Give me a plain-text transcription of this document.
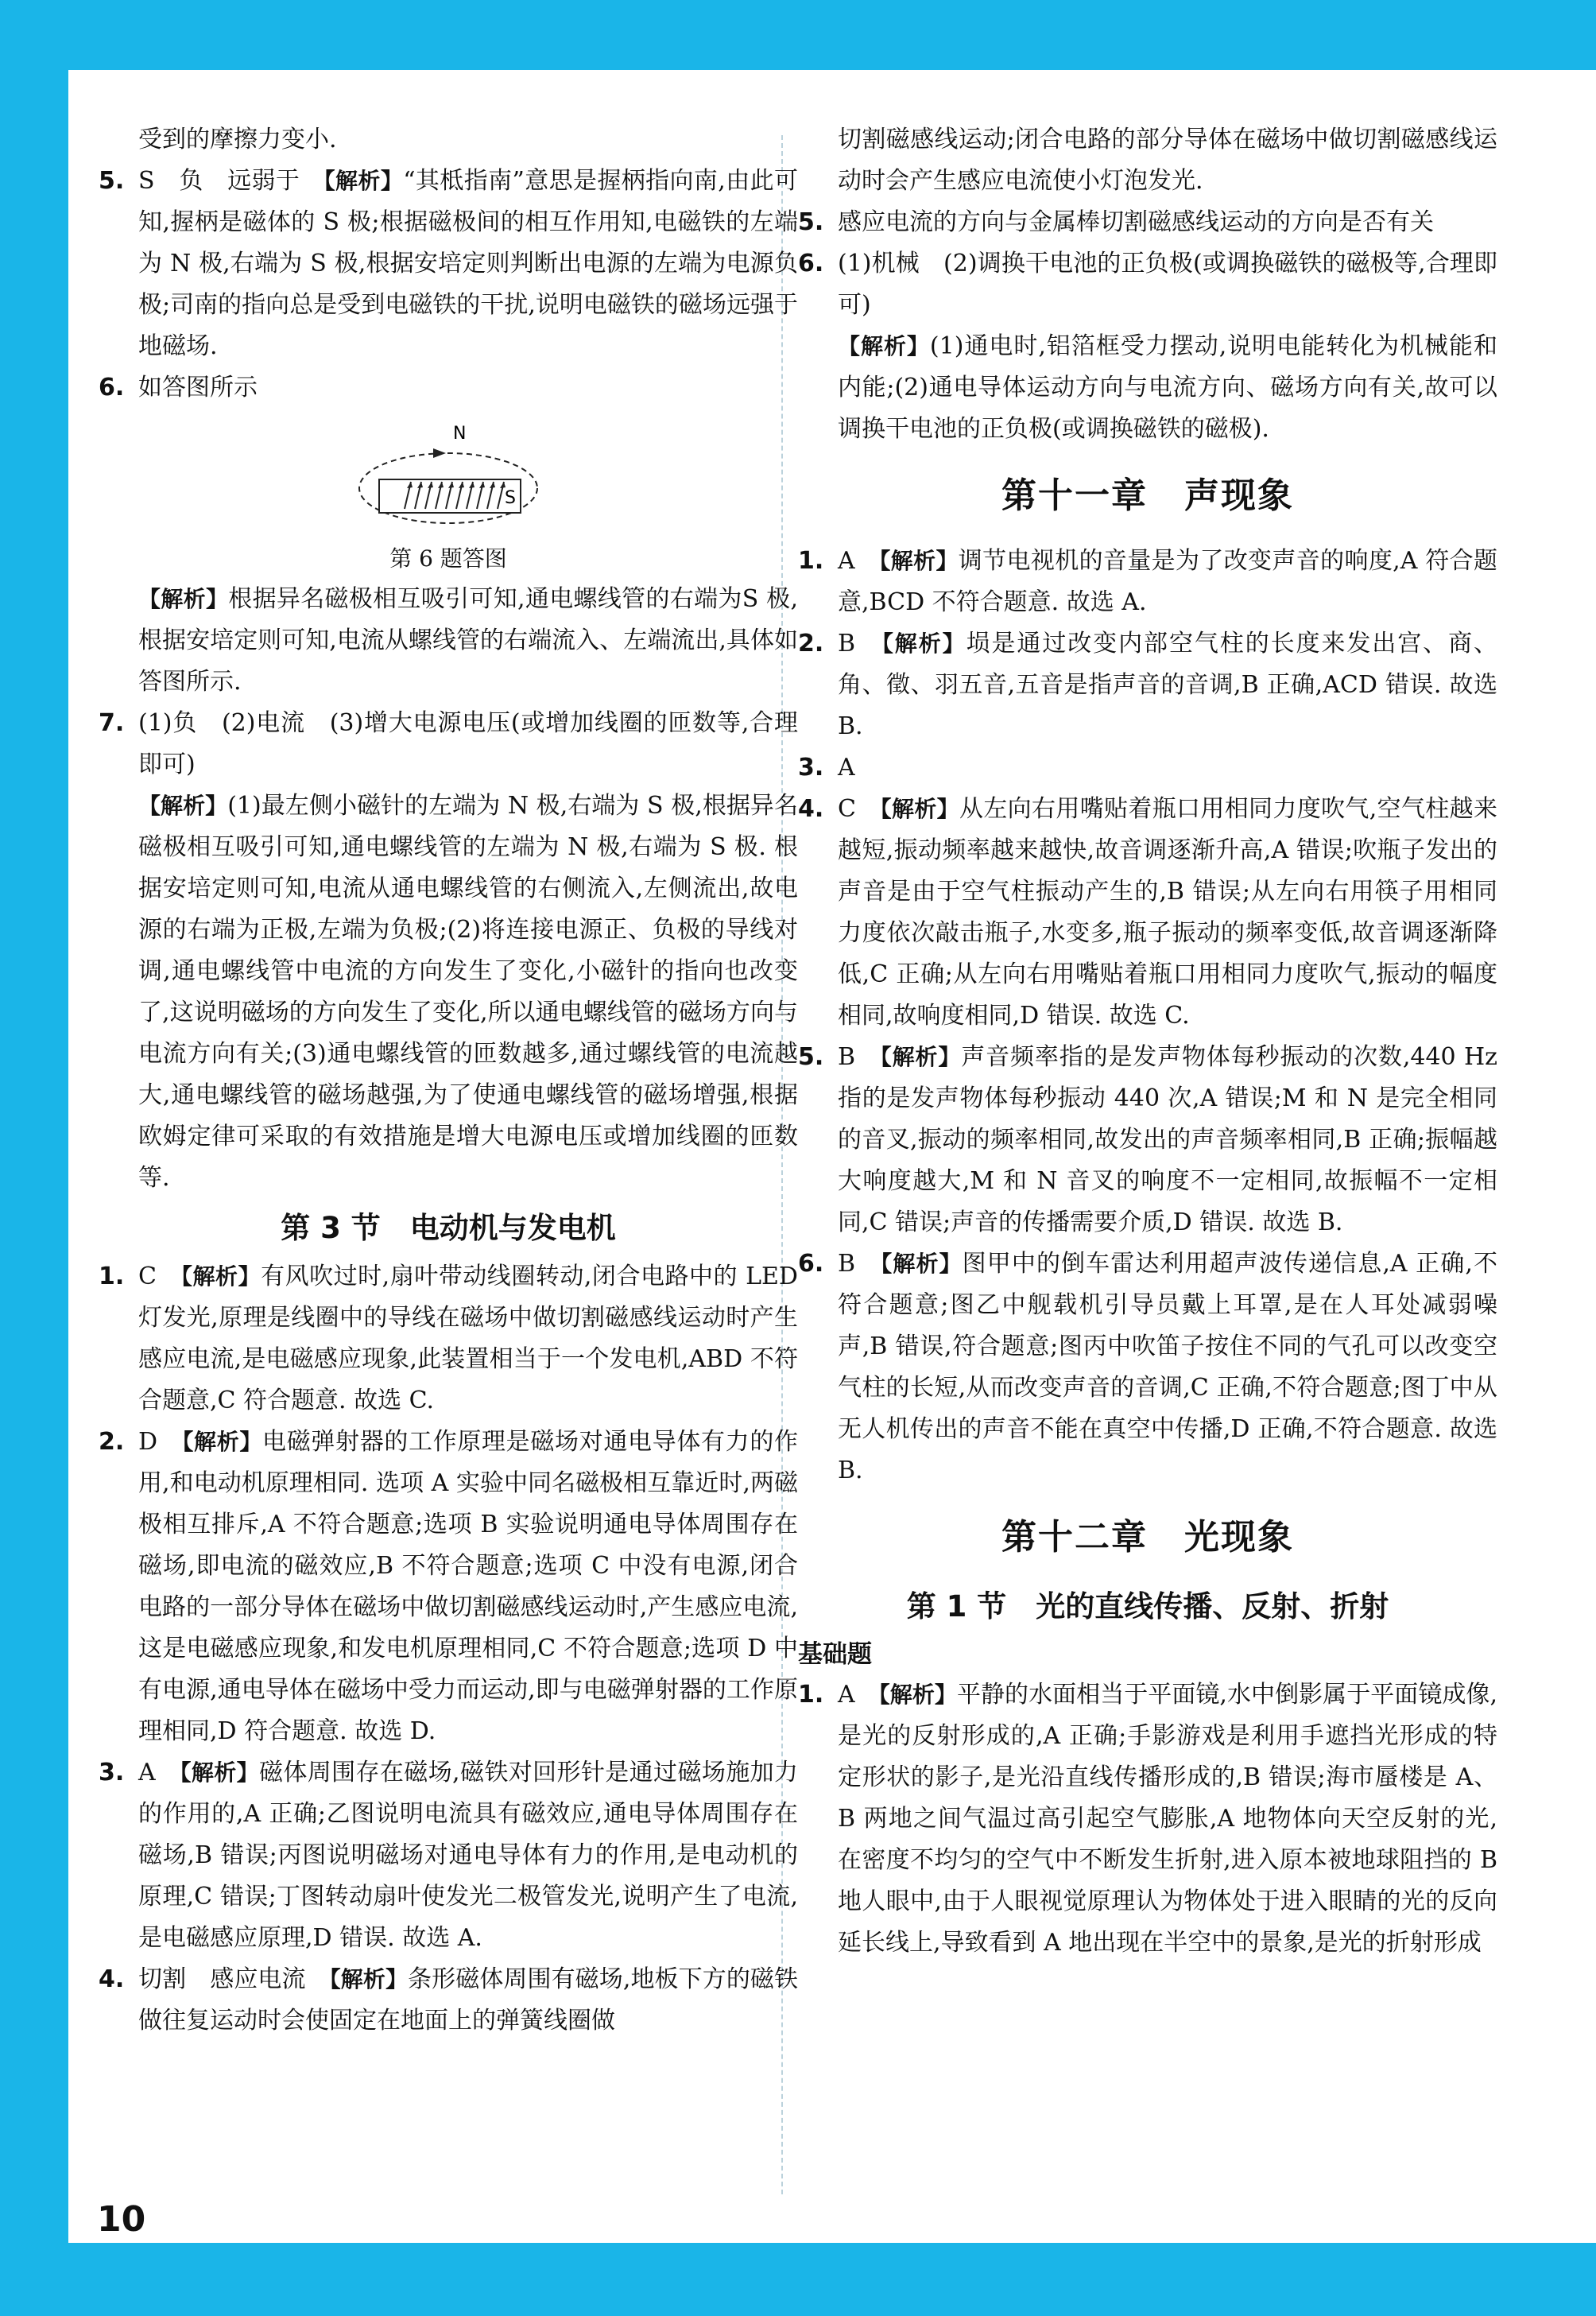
受到的摩擦力变小.
5. S　负　远弱于　【解析】“其柢指南”意思是握柄指向南,由此可知,握柄是磁体的 S 极;根据磁极间的相互作用知,电磁铁的左端为 N 极,右端为 S 极,根据安培定则判断出电源的左端为电源负极;司南的指向总是受到电磁铁的干扰,说明电磁铁的磁场远强于地磁场.
6. 如答图所示
N
S
第 6 题答图
【解析】根据异名磁极相互吸引可知,通电螺线管的右端为S 极,根据安培定则可知,电流从螺线管的右端流入、左端流出,具体如答图所示.
7. (1)负　(2)电流　(3)增大电源电压(或增加线圈的匝数等,合理即可)
【解析】(1)最左侧小磁针的左端为 N 极,右端为 S 极,根据异名磁极相互吸引可知,通电螺线管的左端为 N 极,右端为 S 极. 根据安培定则可知,电流从通电螺线管的右侧流入,左侧流出,故电源的右端为正极,左端为负极;(2)将连接电源正、负极的导线对调,通电螺线管中电流的方向发生了变化,小磁针的指向也改变了,这说明磁场的方向发生了变化,所以通电螺线管的磁场方向与电流方向有关;(3)通电螺线管的匝数越多,通过螺线管的电流越大,通电螺线管的磁场越强,为了使通电螺线管的磁场增强,根据欧姆定律可采取的有效措施是增大电源电压或增加线圈的匝数等.
第 3 节　电动机与发电机
1. C　【解析】有风吹过时,扇叶带动线圈转动,闭合电路中的 LED 灯发光,原理是线圈中的导线在磁场中做切割磁感线运动时产生感应电流,是电磁感应现象,此装置相当于一个发电机,ABD 不符合题意,C 符合题意. 故选 C.
2. D　【解析】电磁弹射器的工作原理是磁场对通电导体有力的作用,和电动机原理相同. 选项 A 实验中同名磁极相互靠近时,两磁极相互排斥,A 不符合题意;选项 B 实验说明通电导体周围存在磁场,即电流的磁效应,B 不符合题意;选项 C 中没有电源,闭合电路的一部分导体在磁场中做切割磁感线运动时,产生感应电流,这是电磁感应现象,和发电机原理相同,C 不符合题意;选项 D 中有电源,通电导体在磁场中受力而运动,即与电磁弹射器的工作原理相同,D 符合题意. 故选 D.
3. A　【解析】磁体周围存在磁场,磁铁对回形针是通过磁场施加力的作用的,A 正确;乙图说明电流具有磁效应,通电导体周围存在磁场,B 错误;丙图说明磁场对通电导体有力的作用,是电动机的原理,C 错误;丁图转动扇叶使发光二极管发光,说明产生了电流,是电磁感应原理,D 错误. 故选 A.
4. 切割　感应电流　【解析】条形磁体周围有磁场,地板下方的磁铁做往复运动时会使固定在地面上的弹簧线圈做
切割磁感线运动;闭合电路的部分导体在磁场中做切割磁感线运动时会产生感应电流使小灯泡发光.
5. 感应电流的方向与金属棒切割磁感线运动的方向是否有关
6. (1)机械　(2)调换干电池的正负极(或调换磁铁的磁极等,合理即可)
【解析】(1)通电时,铝箔框受力摆动,说明电能转化为机械能和内能;(2)通电导体运动方向与电流方向、磁场方向有关,故可以调换干电池的正负极(或调换磁铁的磁极).
第十一章　声现象
1. A　【解析】调节电视机的音量是为了改变声音的响度,A 符合题意,BCD 不符合题意. 故选 A.
2. B　【解析】埙是通过改变内部空气柱的长度来发出宫、商、角、徵、羽五音,五音是指声音的音调,B 正确,ACD 错误. 故选 B.
3. A
4. C　【解析】从左向右用嘴贴着瓶口用相同力度吹气,空气柱越来越短,振动频率越来越快,故音调逐渐升高,A 错误;吹瓶子发出的声音是由于空气柱振动产生的,B 错误;从左向右用筷子用相同力度依次敲击瓶子,水变多,瓶子振动的频率变低,故音调逐渐降低,C 正确;从左向右用嘴贴着瓶口用相同力度吹气,振动的幅度相同,故响度相同,D 错误. 故选 C.
5. B　【解析】声音频率指的是发声物体每秒振动的次数,440 Hz 指的是发声物体每秒振动 440 次,A 错误;M 和 N 是完全相同的音叉,振动的频率相同,故发出的声音频率相同,B 正确;振幅越大响度越大,M 和 N 音叉的响度不一定相同,故振幅不一定相同,C 错误;声音的传播需要介质,D 错误. 故选 B.
6. B　【解析】图甲中的倒车雷达利用超声波传递信息,A 正确,不符合题意;图乙中舰载机引导员戴上耳罩,是在人耳处减弱噪声,B 错误,符合题意;图丙中吹笛子按住不同的气孔可以改变空气柱的长短,从而改变声音的音调,C 正确,不符合题意;图丁中从无人机传出的声音不能在真空中传播,D 正确,不符合题意. 故选 B.
第十二章　光现象
第 1 节　光的直线传播、反射、折射
基础题
1. A　【解析】平静的水面相当于平面镜,水中倒影属于平面镜成像,是光的反射形成的,A 正确;手影游戏是利用手遮挡光形成的特定形状的影子,是光沿直线传播形成的,B 错误;海市蜃楼是 A、B 两地之间气温过高引起空气膨胀,A 地物体向天空反射的光,在密度不均匀的空气中不断发生折射,进入原本被地球阻挡的 B 地人眼中,由于人眼视觉原理认为物体处于进入眼睛的光的反向延长线上,导致看到 A 地出现在半空中的景象,是光的折射形成
10
